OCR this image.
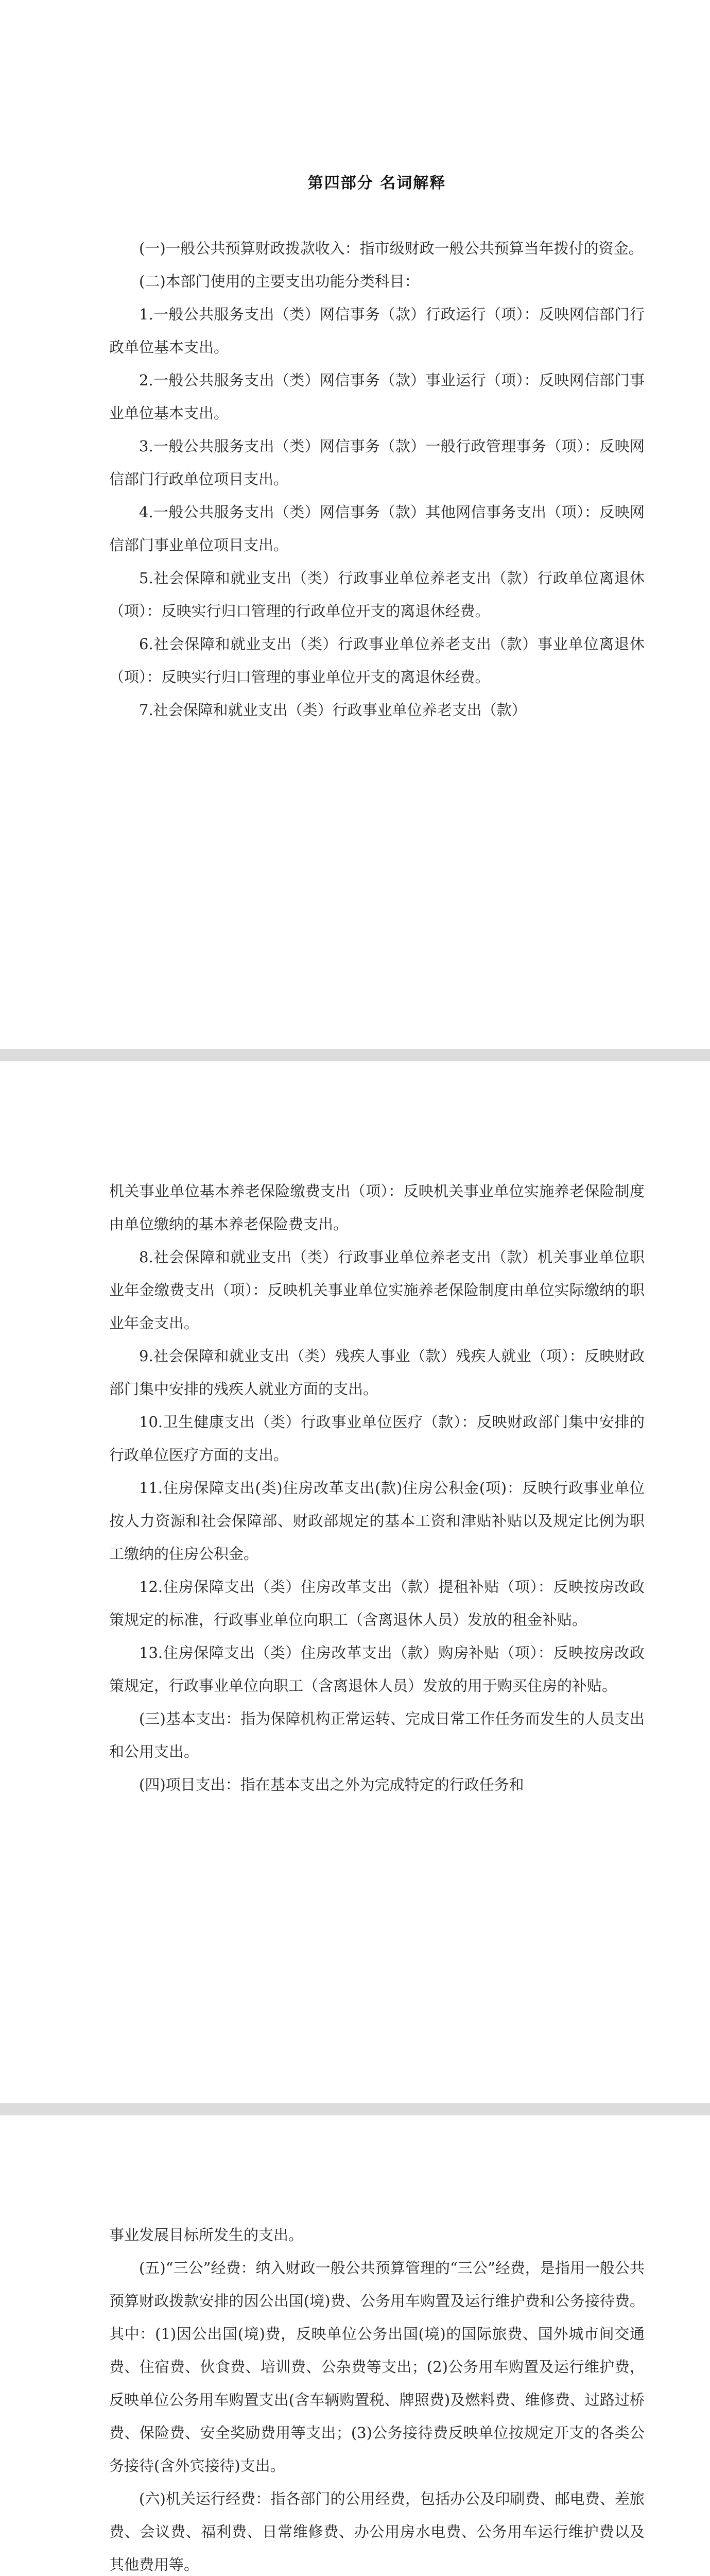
第四部分 名词解释

(一)一般公共预算财政拨款收入：指市级财政一般公共预算当年拨付的资金。

(二)本部门使用的主要支出功能分类科目：

1.一般公共服务支出（类）网信事务（款）行政运行（项）：反映网信部门行政单位基本支出。

2.一般公共服务支出（类）网信事务（款）事业运行（项）：反映网信部门事业单位基本支出。

3.一般公共服务支出（类）网信事务（款）一般行政管理事务（项）：反映网信部门行政单位项目支出。

4.一般公共服务支出（类）网信事务（款）其他网信事务支出（项）：反映网信部门事业单位项目支出。

5.社会保障和就业支出（类）行政事业单位养老支出（款）行政单位离退休（项）：反映实行归口管理的行政单位开支的离退休经费。

6.社会保障和就业支出（类）行政事业单位养老支出（款）事业单位离退休（项）：反映实行归口管理的事业单位开支的离退休经费。

7.社会保障和就业支出（类）行政事业单位养老支出（款）

机关事业单位基本养老保险缴费支出（项）：反映机关事业单位实施养老保险制度由单位缴纳的基本养老保险费支出。

8.社会保障和就业支出（类）行政事业单位养老支出（款）机关事业单位职业年金缴费支出（项）：反映机关事业单位实施养老保险制度由单位实际缴纳的职业年金支出。

9.社会保障和就业支出（类）残疾人事业（款）残疾人就业（项）：反映财政部门集中安排的残疾人就业方面的支出。

10.卫生健康支出（类）行政事业单位医疗（款）：反映财政部门集中安排的行政单位医疗方面的支出。

11.住房保障支出(类)住房改革支出(款)住房公积金(项)：反映行政事业单位按人力资源和社会保障部、财政部规定的基本工资和津贴补贴以及规定比例为职工缴纳的住房公积金。

12.住房保障支出（类）住房改革支出（款）提租补贴（项）：反映按房改政策规定的标准，行政事业单位向职工（含离退休人员）发放的租金补贴。

13.住房保障支出（类）住房改革支出（款）购房补贴（项）：反映按房改政策规定，行政事业单位向职工（含离退休人员）发放的用于购买住房的补贴。

(三)基本支出：指为保障机构正常运转、完成日常工作任务而发生的人员支出和公用支出。

(四)项目支出：指在基本支出之外为完成特定的行政任务和

事业发展目标所发生的支出。

(五)“三公”经费：纳入财政一般公共预算管理的“三公”经费，是指用一般公共预算财政拨款安排的因公出国(境)费、公务用车购置及运行维护费和公务接待费。其中：(1)因公出国(境)费，反映单位公务出国(境)的国际旅费、国外城市间交通费、住宿费、伙食费、培训费、公杂费等支出；(2)公务用车购置及运行维护费，反映单位公务用车购置支出(含车辆购置税、牌照费)及燃料费、维修费、过路过桥费、保险费、安全奖励费用等支出；(3)公务接待费反映单位按规定开支的各类公务接待(含外宾接待)支出。

(六)机关运行经费：指各部门的公用经费，包括办公及印刷费、邮电费、差旅费、会议费、福利费、日常维修费、办公用房水电费、公务用车运行维护费以及其他费用等。
